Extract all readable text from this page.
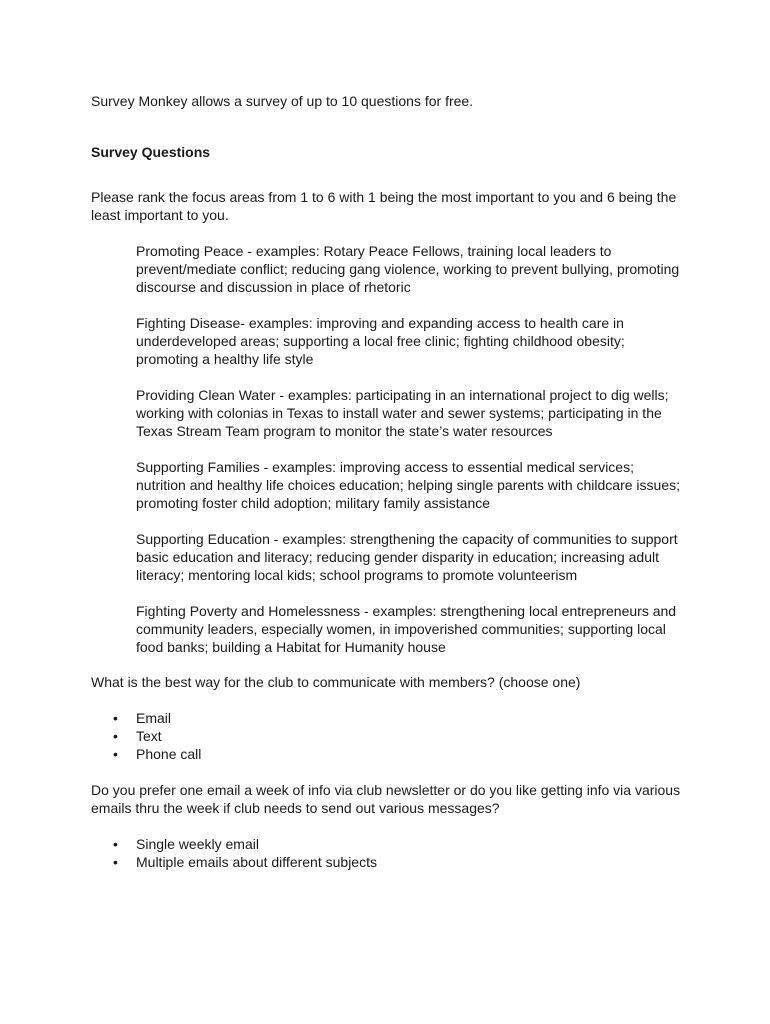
Survey Monkey allows a survey of up to 10 questions for free.

Survey Questions

Please rank the focus areas from 1 to 6 with 1 being the most important to you and 6 being the least important to you.

Promoting Peace - examples: Rotary Peace Fellows, training local leaders to prevent/mediate conflict; reducing gang violence, working to prevent bullying, promoting discourse and discussion in place of rhetoric

Fighting Disease- examples: improving and expanding access to health care in underdeveloped areas; supporting a local free clinic; fighting childhood obesity; promoting a healthy life style

Providing Clean Water - examples: participating in an international project to dig wells; working with colonias in Texas to install water and sewer systems; participating in the Texas Stream Team program to monitor the state’s water resources

Supporting Families - examples: improving access to essential medical services; nutrition and healthy life choices education; helping single parents with childcare issues; promoting foster child adoption; military family assistance

Supporting Education - examples: strengthening the capacity of communities to support basic education and literacy; reducing gender disparity in education; increasing adult literacy; mentoring local kids; school programs to promote volunteerism

Fighting Poverty and Homelessness - examples: strengthening local entrepreneurs and community leaders, especially women, in impoverished communities; supporting local food banks; building a Habitat for Humanity house

What is the best way for the club to communicate with members? (choose one)

• Email
• Text
• Phone call

Do you prefer one email a week of info via club newsletter or do you like getting info via various emails thru the week if club needs to send out various messages?

• Single weekly email
• Multiple emails about different subjects
